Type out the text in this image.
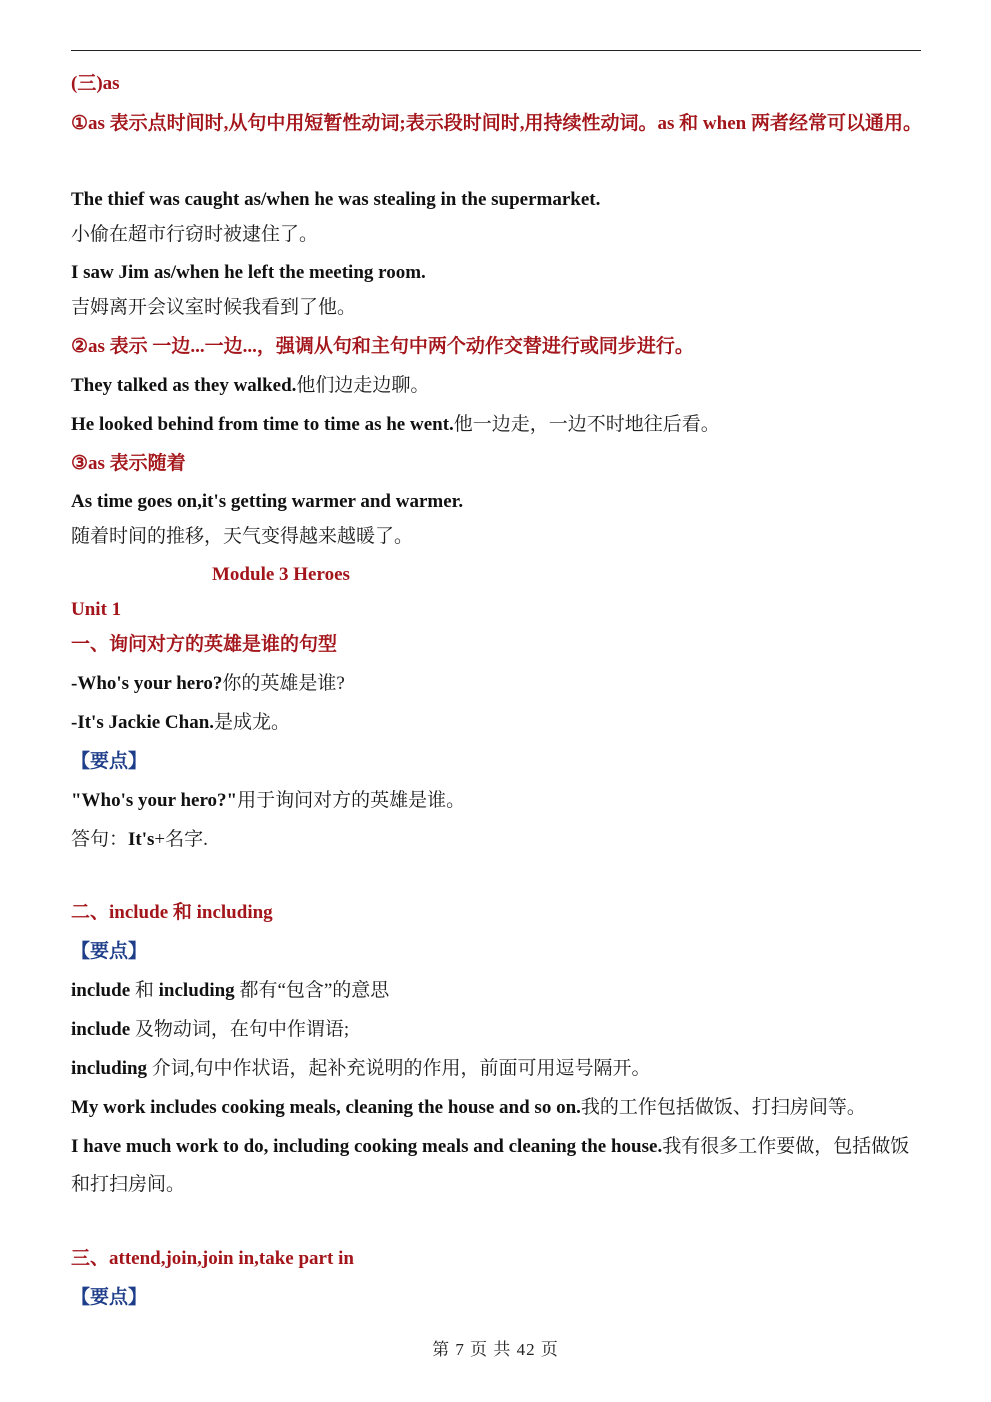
(三)as
①as 表示点时间时,从句中用短暂性动词;表示段时间时,用持续性动词。as 和 when 两者经常可以通用。
The thief was caught as/when he was stealing in the supermarket.
小偷在超市行窃时被逮住了。
I saw Jim as/when he left the meeting room.
吉姆离开会议室时候我看到了他。
②as 表示 一边...一边...，强调从句和主句中两个动作交替进行或同步进行。
They talked as they walked.他们边走边聊。
He looked behind from time to time as he went.他一边走，一边不时地往后看。
③as 表示随着
As time goes on,it's getting warmer and warmer.
随着时间的推移，天气变得越来越暖了。
Module 3 Heroes
Unit 1
一、询问对方的英雄是谁的句型
-Who's your hero?你的英雄是谁?
-It's Jackie Chan.是成龙。
【要点】
"Who's your hero?"用于询问对方的英雄是谁。
答句：It's+名字.
二、include 和 including
【要点】
include 和 including 都有“包含”的意思
include 及物动词，在句中作谓语;
including 介词,句中作状语，起补充说明的作用，前面可用逗号隔开。
My work includes cooking meals, cleaning the house and so on.我的工作包括做饭、打扫房间等。
I have much work to do, including cooking meals and cleaning the house.我有很多工作要做，包括做饭和打扫房间。
三、attend,join,join in,take part in
【要点】
第 7 页 共 42 页
